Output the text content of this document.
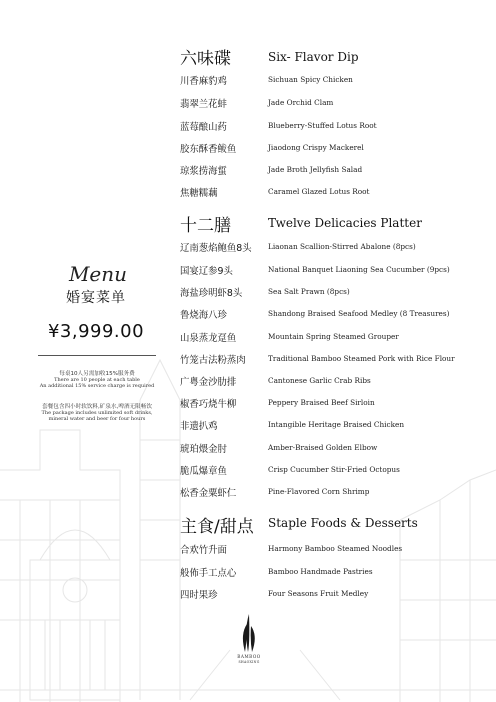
Menu
婚宴菜单
¥3,999.00
每桌10人另需加收15%服务费
There are 10 people at each table
An additional 15% service charge is required
套餐包含四小时软饮料,矿泉水,啤酒无限畅饮
The package includes unlimited soft drinks,
mineral water and beer for four hours
六味碟	Six- Flavor Dip
川香麻豹鸡	Sichuan Spicy Chicken
翡翠兰花蚌	Jade Orchid Clam
蓝莓酿山药	Blueberry-Stuffed Lotus Root
胶东酥香鲅鱼	Jiaodong Crispy Mackerel
琼浆捞海蜇	Jade Broth Jellyfish Salad
焦糖糯藕	Caramel Glazed Lotus Root
十二膳	Twelve Delicacies Platter
辽南葱焰鲍鱼8头 Liaonan Scallion-Stirred Abalone (8pcs)
国宴辽参9头	National Banquet Liaoning Sea Cucumber (9pcs)
海盐珍明虾8头	Sea Salt Prawn (8pcs)
鲁烧海八珍	Shandong Braised Seafood Medley (8 Treasures)
山泉蒸龙趸鱼	Mountain Spring Steamed Grouper
竹笼古法粉蒸肉	Traditional Bamboo Steamed Pork with Rice Flour
广粤金沙肋排	Cantonese Garlic Crab Ribs
椒香巧烧牛柳	Peppery Braised Beef Sirloin
非遗扒鸡	Intangible Heritage Braised Chicken
琥珀煨金肘	Amber-Braised Golden Elbow
脆瓜爆章鱼	Crisp Cucumber Stir-Fried Octopus
松香金粟虾仁	Pine-Flavored Corn Shrimp
主食/甜点 Staple Foods & Desserts
合欢竹升面	Harmony Bamboo Steamed Noodles
般佈手工点心	Bamboo Handmade Pastries
四时果珍	Four Seasons Fruit Medley
BAMBOO
SHAOXING
